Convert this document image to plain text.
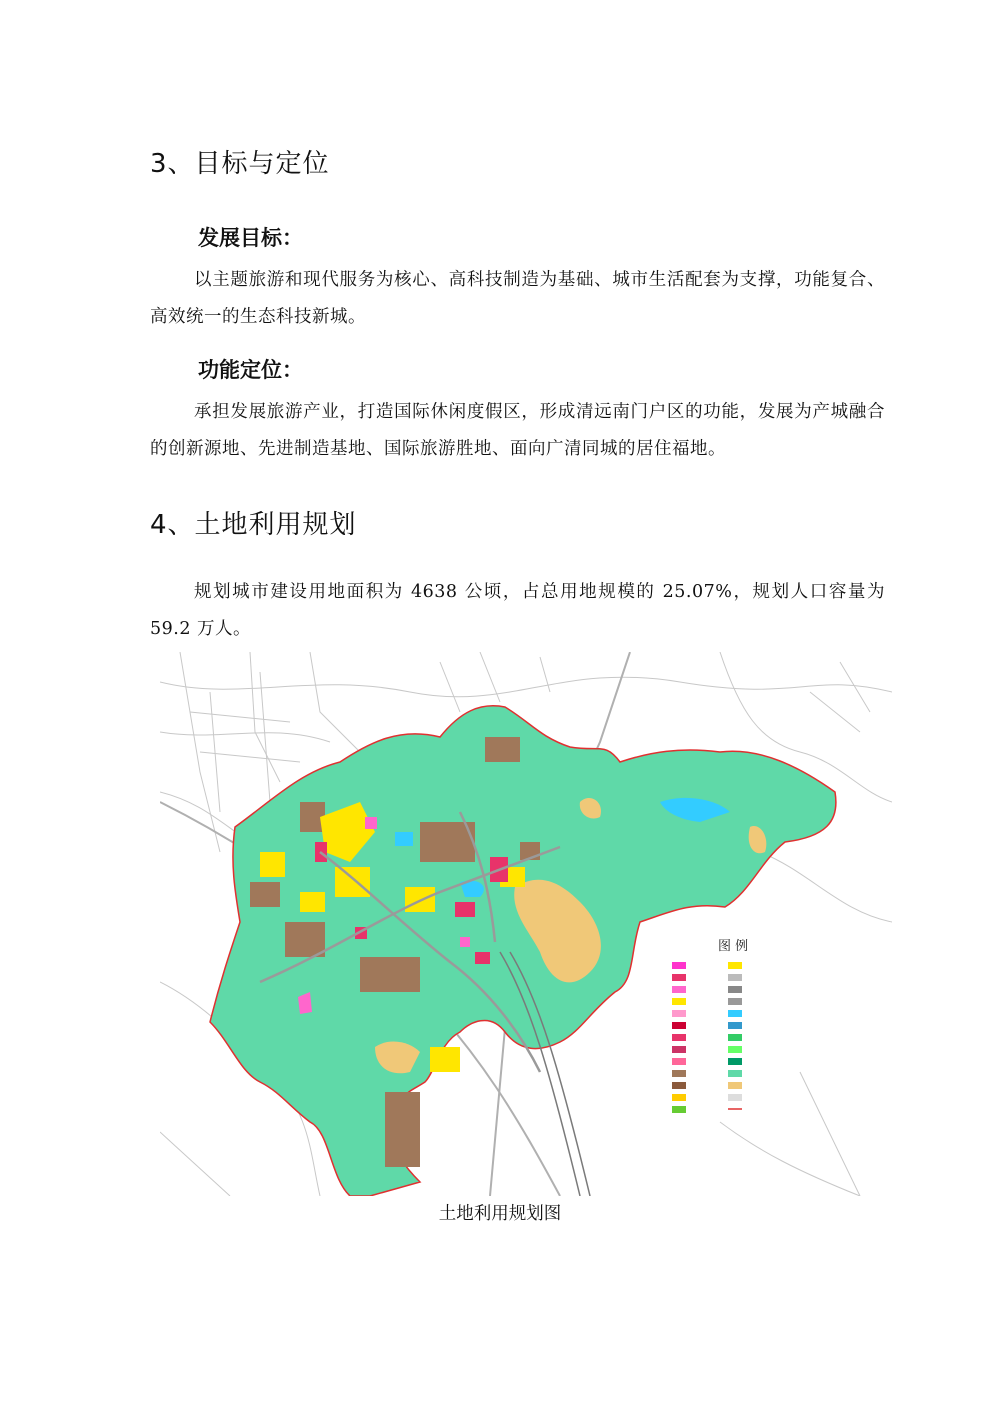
3、目标与定位
发展目标：

以主题旅游和现代服务为核心、高科技制造为基础、城市生活配套为支撑，功能复合、高效统一的生态科技新城。

功能定位：

承担发展旅游产业，打造国际休闲度假区，形成清远南门户区的功能，发展为产城融合的创新源地、先进制造基地、国际旅游胜地、面向广清同城的居住福地。

4、土地利用规划

规划城市建设用地面积为 4638 公顷，占总用地规模的 25.07%，规划人口容量为 59.2 万人。

图 例

土地利用规划图
